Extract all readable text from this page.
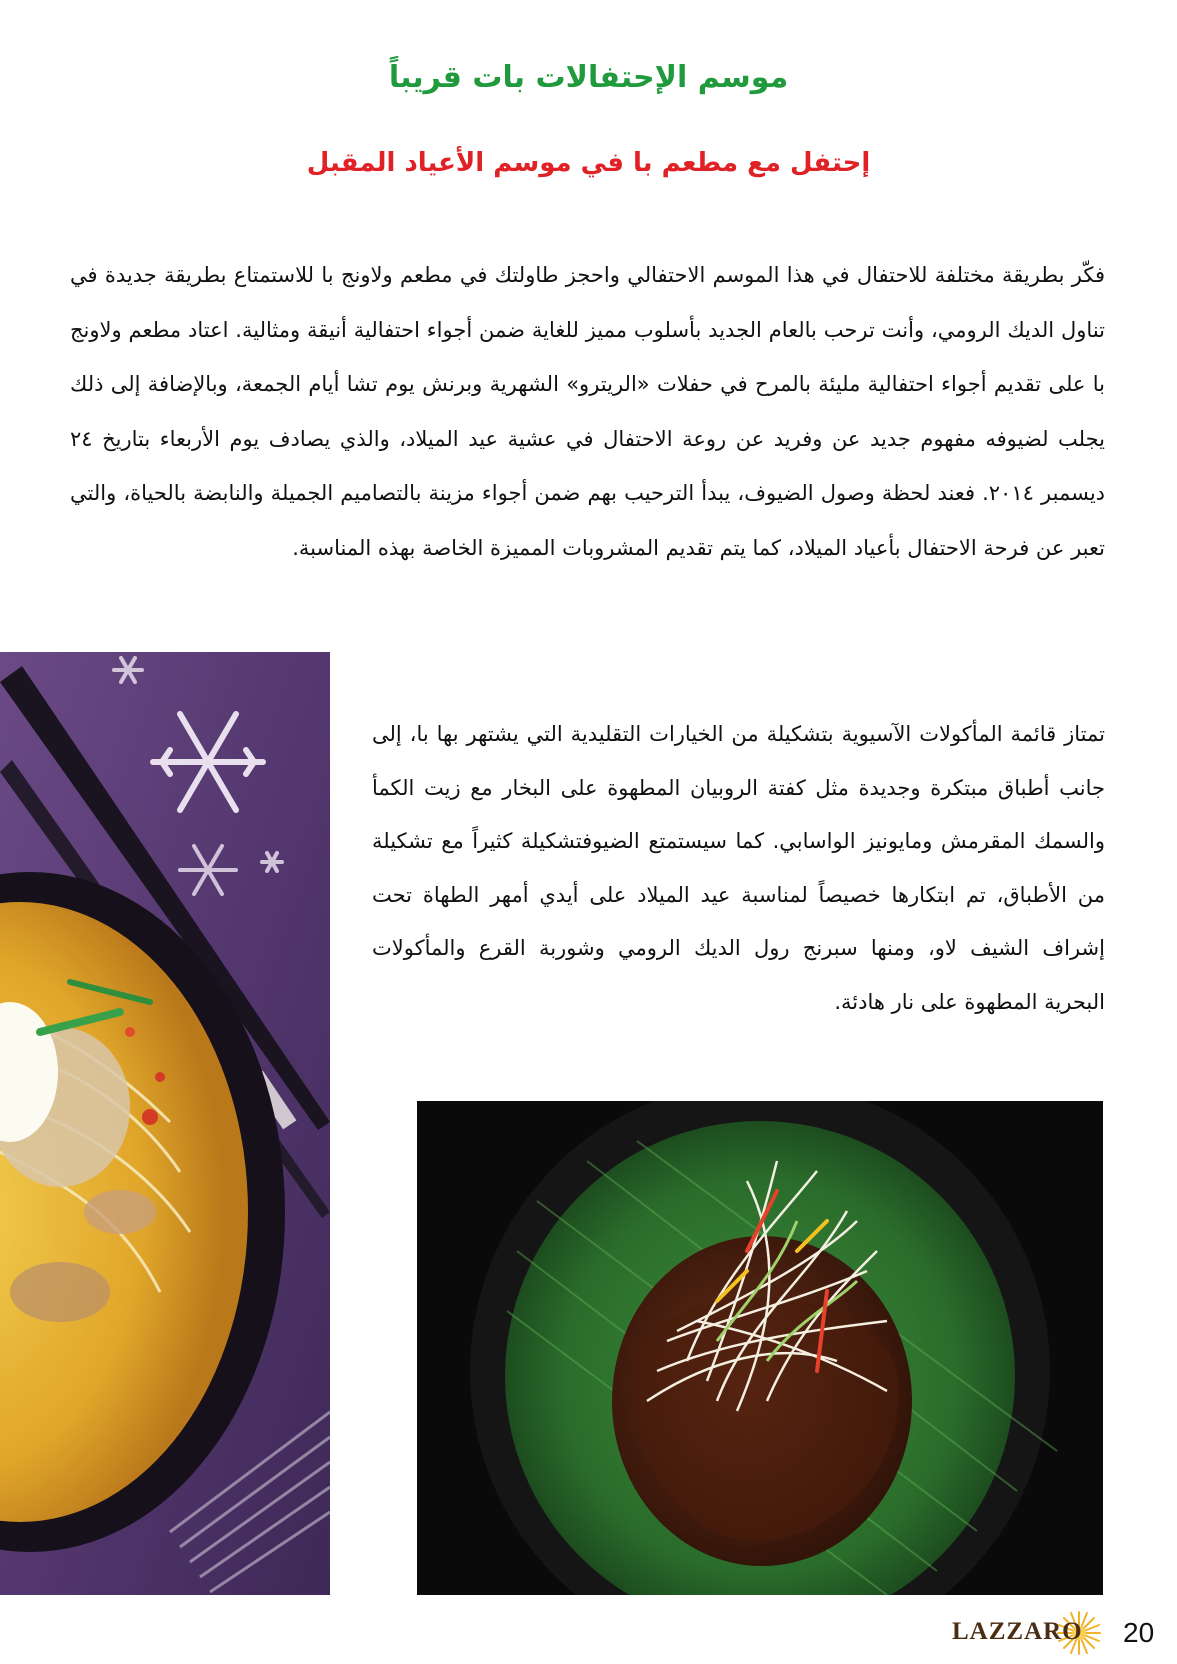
موسم الإحتفالات بات قريباً
إحتفل مع مطعم با في موسم الأعياد المقبل
فكّر بطريقة مختلفة للاحتفال في هذا الموسم الاحتفالي واحجز طاولتك في مطعم ولاونج با للاستمتاع بطريقة جديدة في تناول الديك الرومي، وأنت ترحب بالعام الجديد بأسلوب مميز للغاية ضمن أجواء احتفالية أنيقة ومثالية. اعتاد مطعم ولاونج با على تقديم أجواء احتفالية مليئة بالمرح في حفلات «الريترو» الشهرية وبرنش يوم تشا أيام الجمعة، وبالإضافة إلى ذلك يجلب لضيوفه مفهوم جديد عن وفريد عن روعة الاحتفال في عشية عيد الميلاد، والذي يصادف يوم الأربعاء بتاريخ ٢٤ ديسمبر ٢٠١٤. فعند لحظة وصول الضيوف، يبدأ الترحيب بهم ضمن أجواء مزينة بالتصاميم الجميلة والنابضة بالحياة، والتي تعبر عن فرحة الاحتفال بأعياد الميلاد، كما يتم تقديم المشروبات المميزة الخاصة بهذه المناسبة.
تمتاز قائمة المأكولات الآسيوية بتشكيلة من الخيارات التقليدية التي يشتهر بها با، إلى جانب أطباق مبتكرة وجديدة مثل كفتة الروبيان المطهوة على البخار مع زيت الكمأ والسمك المقرمش ومايونيز الواسابي. كما سيستمتع الضيوفتشكيلة كثيراً مع تشكيلة من الأطباق، تم ابتكارها خصيصاً لمناسبة عيد الميلاد على أيدي أمهر الطهاة تحت إشراف الشيف لاو، ومنها سبرنج رول الديك الرومي وشوربة القرع والمأكولات البحرية المطهوة على نار هادئة.
LAZZARO 20
